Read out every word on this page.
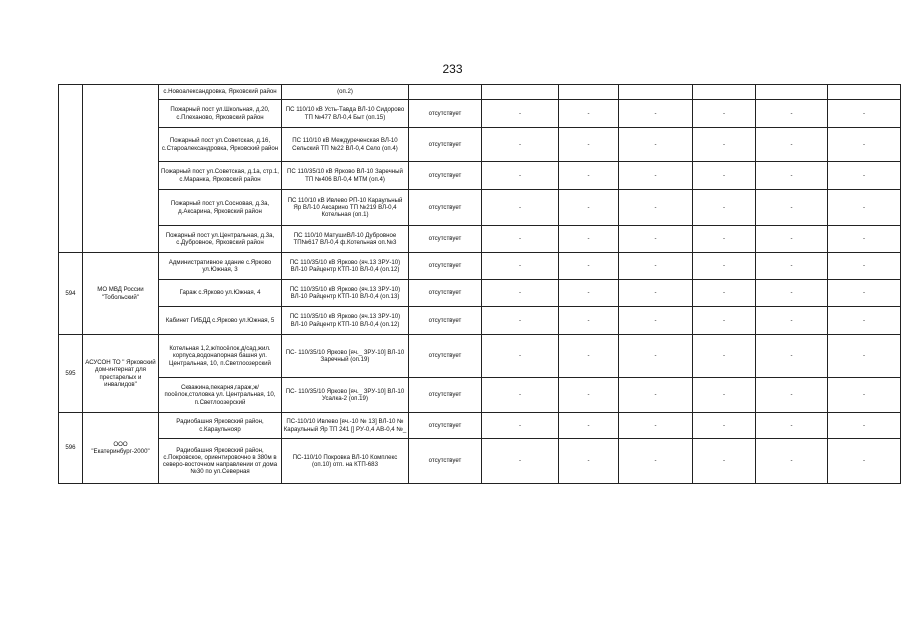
233
		с.Новоалександровка, Ярковский район	(оп.2)							
		Пожарный пост ул.Школьная, д.20, с.Плеханово, Ярковский район	ПС 110/10 кВ Усть-Тавда ВЛ-10 Сидорово ТП №477 ВЛ-0,4 Быт (оп.15)	отсутствует	-	-	-	-	-	-
		Пожарный пост ул.Советская, д.16, с.Староалександровка, Ярковский район	ПС 110/10 кВ Междуреченская ВЛ-10 Сельский ТП №22 ВЛ-0,4 Село (оп.4)	отсутствует	-	-	-	-	-	-
		Пожарный пост ул.Советская, д.1а, стр.1, с.Маранка, Ярковский район	ПС 110/35/10 кВ Ярково ВЛ-10 Заречный ТП №406 ВЛ-0,4 МТМ (оп.4)	отсутствует	-	-	-	-	-	-
		Пожарный пост ул.Сосновая, д.3а, д.Аксарина, Ярковский район	ПС 110/10 кВ Ивлево РП-10 Караульный Яр ВЛ-10 Аксарино ТП №219 ВЛ-0,4 Котельная (оп.1)	отсутствует	-	-	-	-	-	-
		Пожарный пост ул.Центральная, д.3а, с.Дубровное, Ярковский район	ПС 110/10 МатушиВЛ-10 Дубровное ТП№617 ВЛ-0,4 ф.Котельная оп.№3	отсутствует	-	-	-	-	-	-
594	МО МВД России "Тобольский"	Административное здание с.Ярково ул.Южная, 3	ПС 110/35/10 кВ Ярково (яч.13 ЗРУ-10) ВЛ-10 Райцентр КТП-10 ВЛ-0,4 (оп.12)	отсутствует	-	-	-	-	-	-
		Гараж с.Ярково ул.Южная, 4	ПС 110/35/10 кВ Ярково (яч.13 ЗРУ-10) ВЛ-10 Райцентр КТП-10 ВЛ-0,4 (оп.13)	отсутствует	-	-	-	-	-	-
		Кабинет ГИБДД с.Ярково ул.Южная, 5	ПС 110/35/10 кВ Ярково (яч.13 ЗРУ-10) ВЛ-10 Райцентр КТП-10 ВЛ-0,4 (оп.12)	отсутствует	-	-	-	-	-	-
595	АСУСОН ТО " Ярковский дом-интернат для престарелых и инвалидов"	Котельная 1,2,ж/посёлок,д/сад,жил. корпуса,водонапорная башня ул. Центральная, 10, п.Светлоозерский	ПС- 110/35/10 Ярково [яч._ ЗРУ-10] ВЛ-10 Заречный (оп.19)	отсутствует	-	-	-	-	-	-
		Скважина,пекарня,гараж,ж/ посёлок,столовка ул. Центральная, 10, п.Светлоозерский	ПС- 110/35/10 Ярково [яч._ ЗРУ-10] ВЛ-10 Усалка-2 (оп.19)	отсутствует	-	-	-	-	-	-
596	ООО "Екатеринбург-2000"	Радиобашня Ярковский район, с.Караульнояр	ПС-110/10 Ивлево [яч.-10 № 13] ВЛ-10 № Караульный Яр ТП 241 [] РУ-0,4 АВ-0,4 №_	отсутствует	-	-	-	-	-	-
		Радиобашня Ярковский район, с.Покровское, ориентировочно в 380м в северо-восточном направлении от дома №30 по ул.Северная	ПС-110/10 Покровка ВЛ-10 Комплекс (оп.10) отп. на КТП-683	отсутствует	-	-	-	-	-	-
